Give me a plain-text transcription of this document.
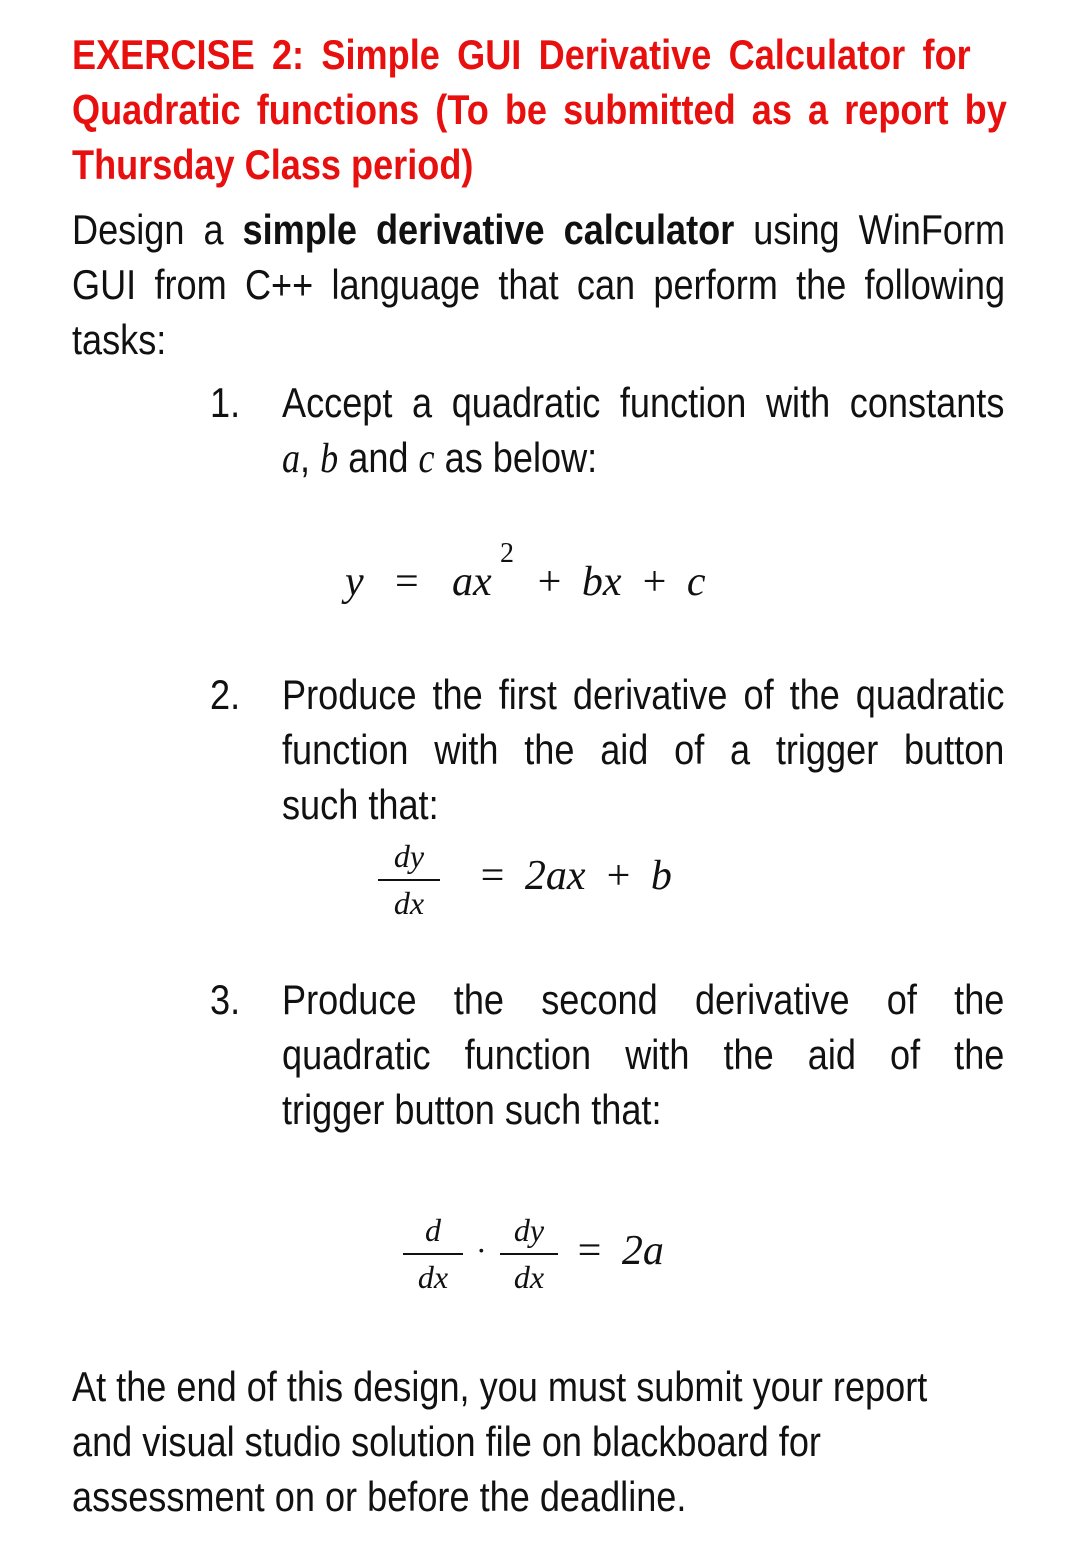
EXERCISE 2: Simple GUI Derivative Calculator for
Quadratic functions (To be submitted as a report by
Thursday Class period)
Design a simple derivative calculator using WinForm
GUI from C++ language that can perform the following
tasks:
1. Accept a quadratic function with constants
a, b and c as below:
y = ax
2
+ bx + c
2. Produce the first derivative of the quadratic
function with the aid of a trigger button
such that:
dy
dx
= 2ax + b
3. Produce the second derivative of the
quadratic function with the aid of the
trigger button such that:
d
dx
·
dy
dx
= 2a
At the end of this design, you must submit your report
and visual studio solution file on blackboard for
assessment on or before the deadline.
